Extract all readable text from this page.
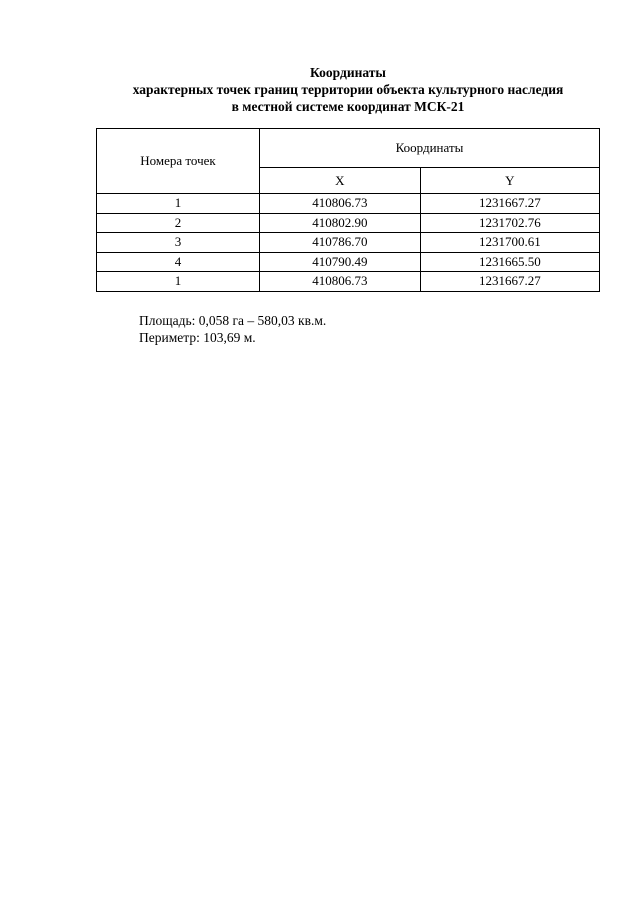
Координаты
характерных точек границ территории объекта культурного наследия
в местной системе координат МСК-21
Номера точек	Координаты	
	X	Y
1	410806.73	1231667.27
2	410802.90	1231702.76
3	410786.70	1231700.61
4	410790.49	1231665.50
1	410806.73	1231667.27
Площадь: 0,058 га – 580,03 кв.м.
Периметр: 103,69 м.
